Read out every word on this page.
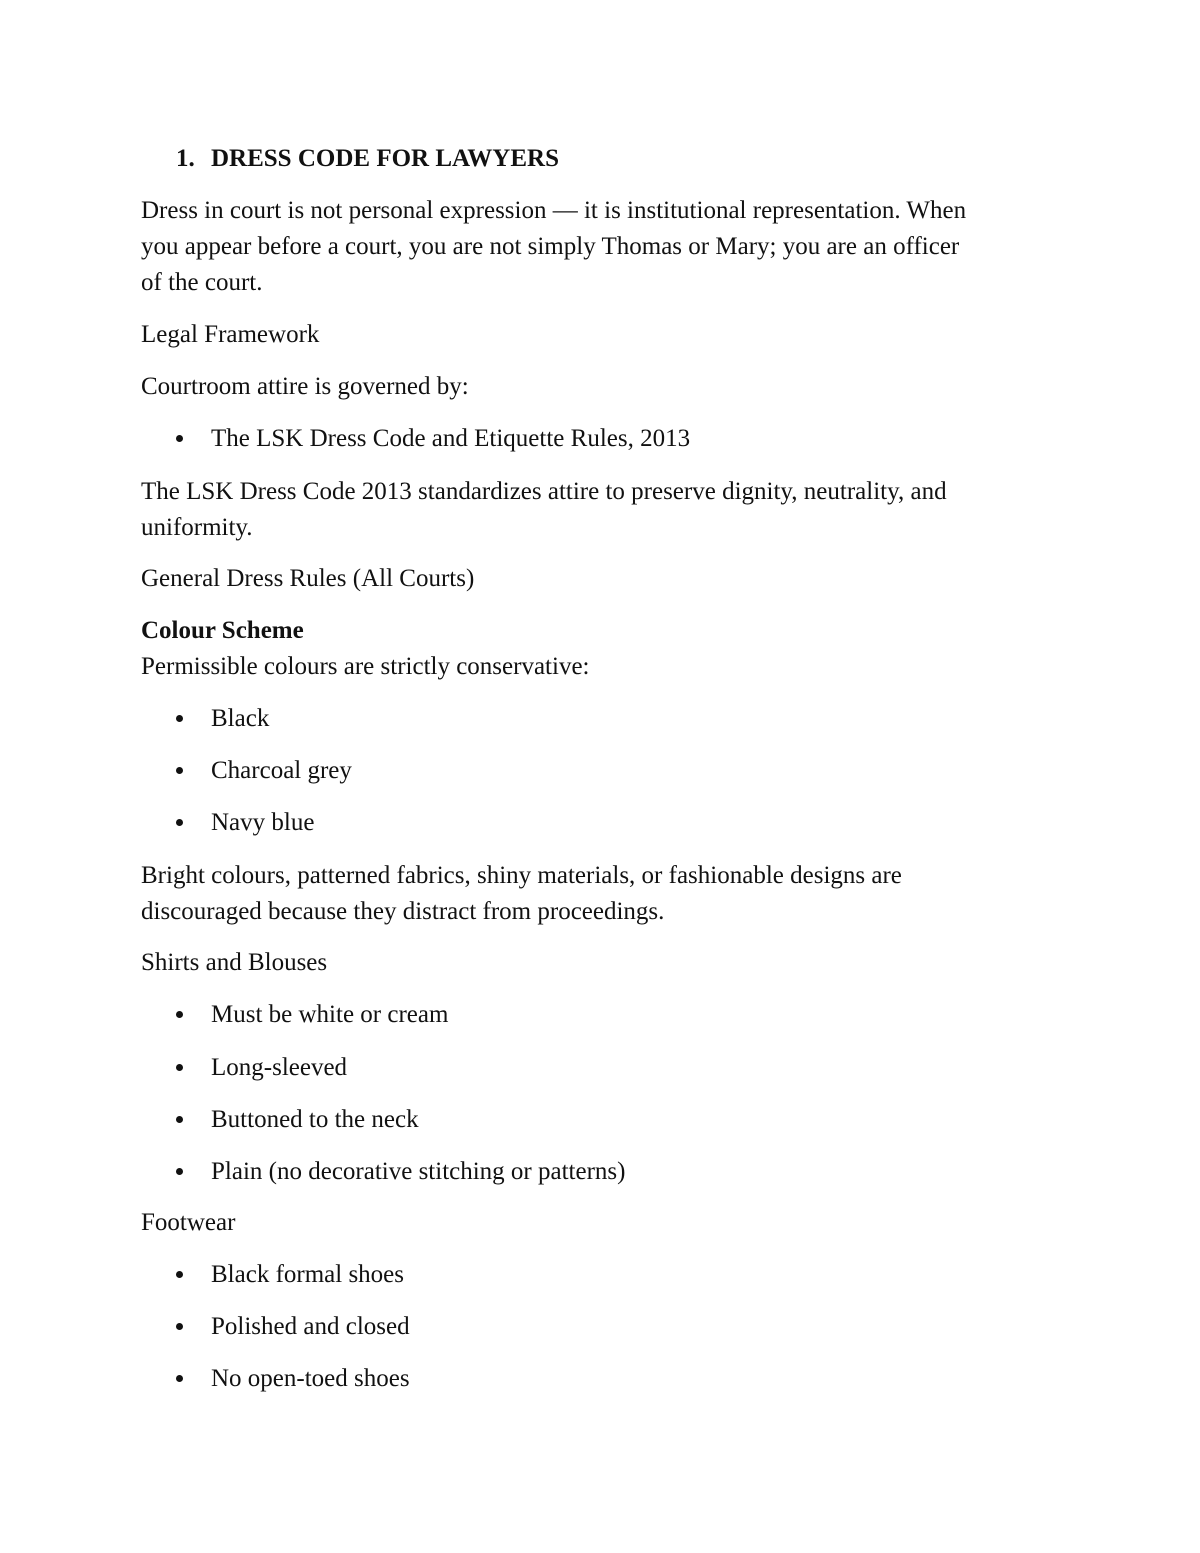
1. DRESS CODE FOR LAWYERS
Dress in court is not personal expression — it is institutional representation. When
you appear before a court, you are not simply Thomas or Mary; you are an officer
of the court.
Legal Framework
Courtroom attire is governed by:
The LSK Dress Code and Etiquette Rules, 2013
The LSK Dress Code 2013 standardizes attire to preserve dignity, neutrality, and
uniformity.
General Dress Rules (All Courts)
Colour Scheme
Permissible colours are strictly conservative:
Black
Charcoal grey
Navy blue
Bright colours, patterned fabrics, shiny materials, or fashionable designs are
discouraged because they distract from proceedings.
Shirts and Blouses
Must be white or cream
Long-sleeved
Buttoned to the neck
Plain (no decorative stitching or patterns)
Footwear
Black formal shoes
Polished and closed
No open-toed shoes
